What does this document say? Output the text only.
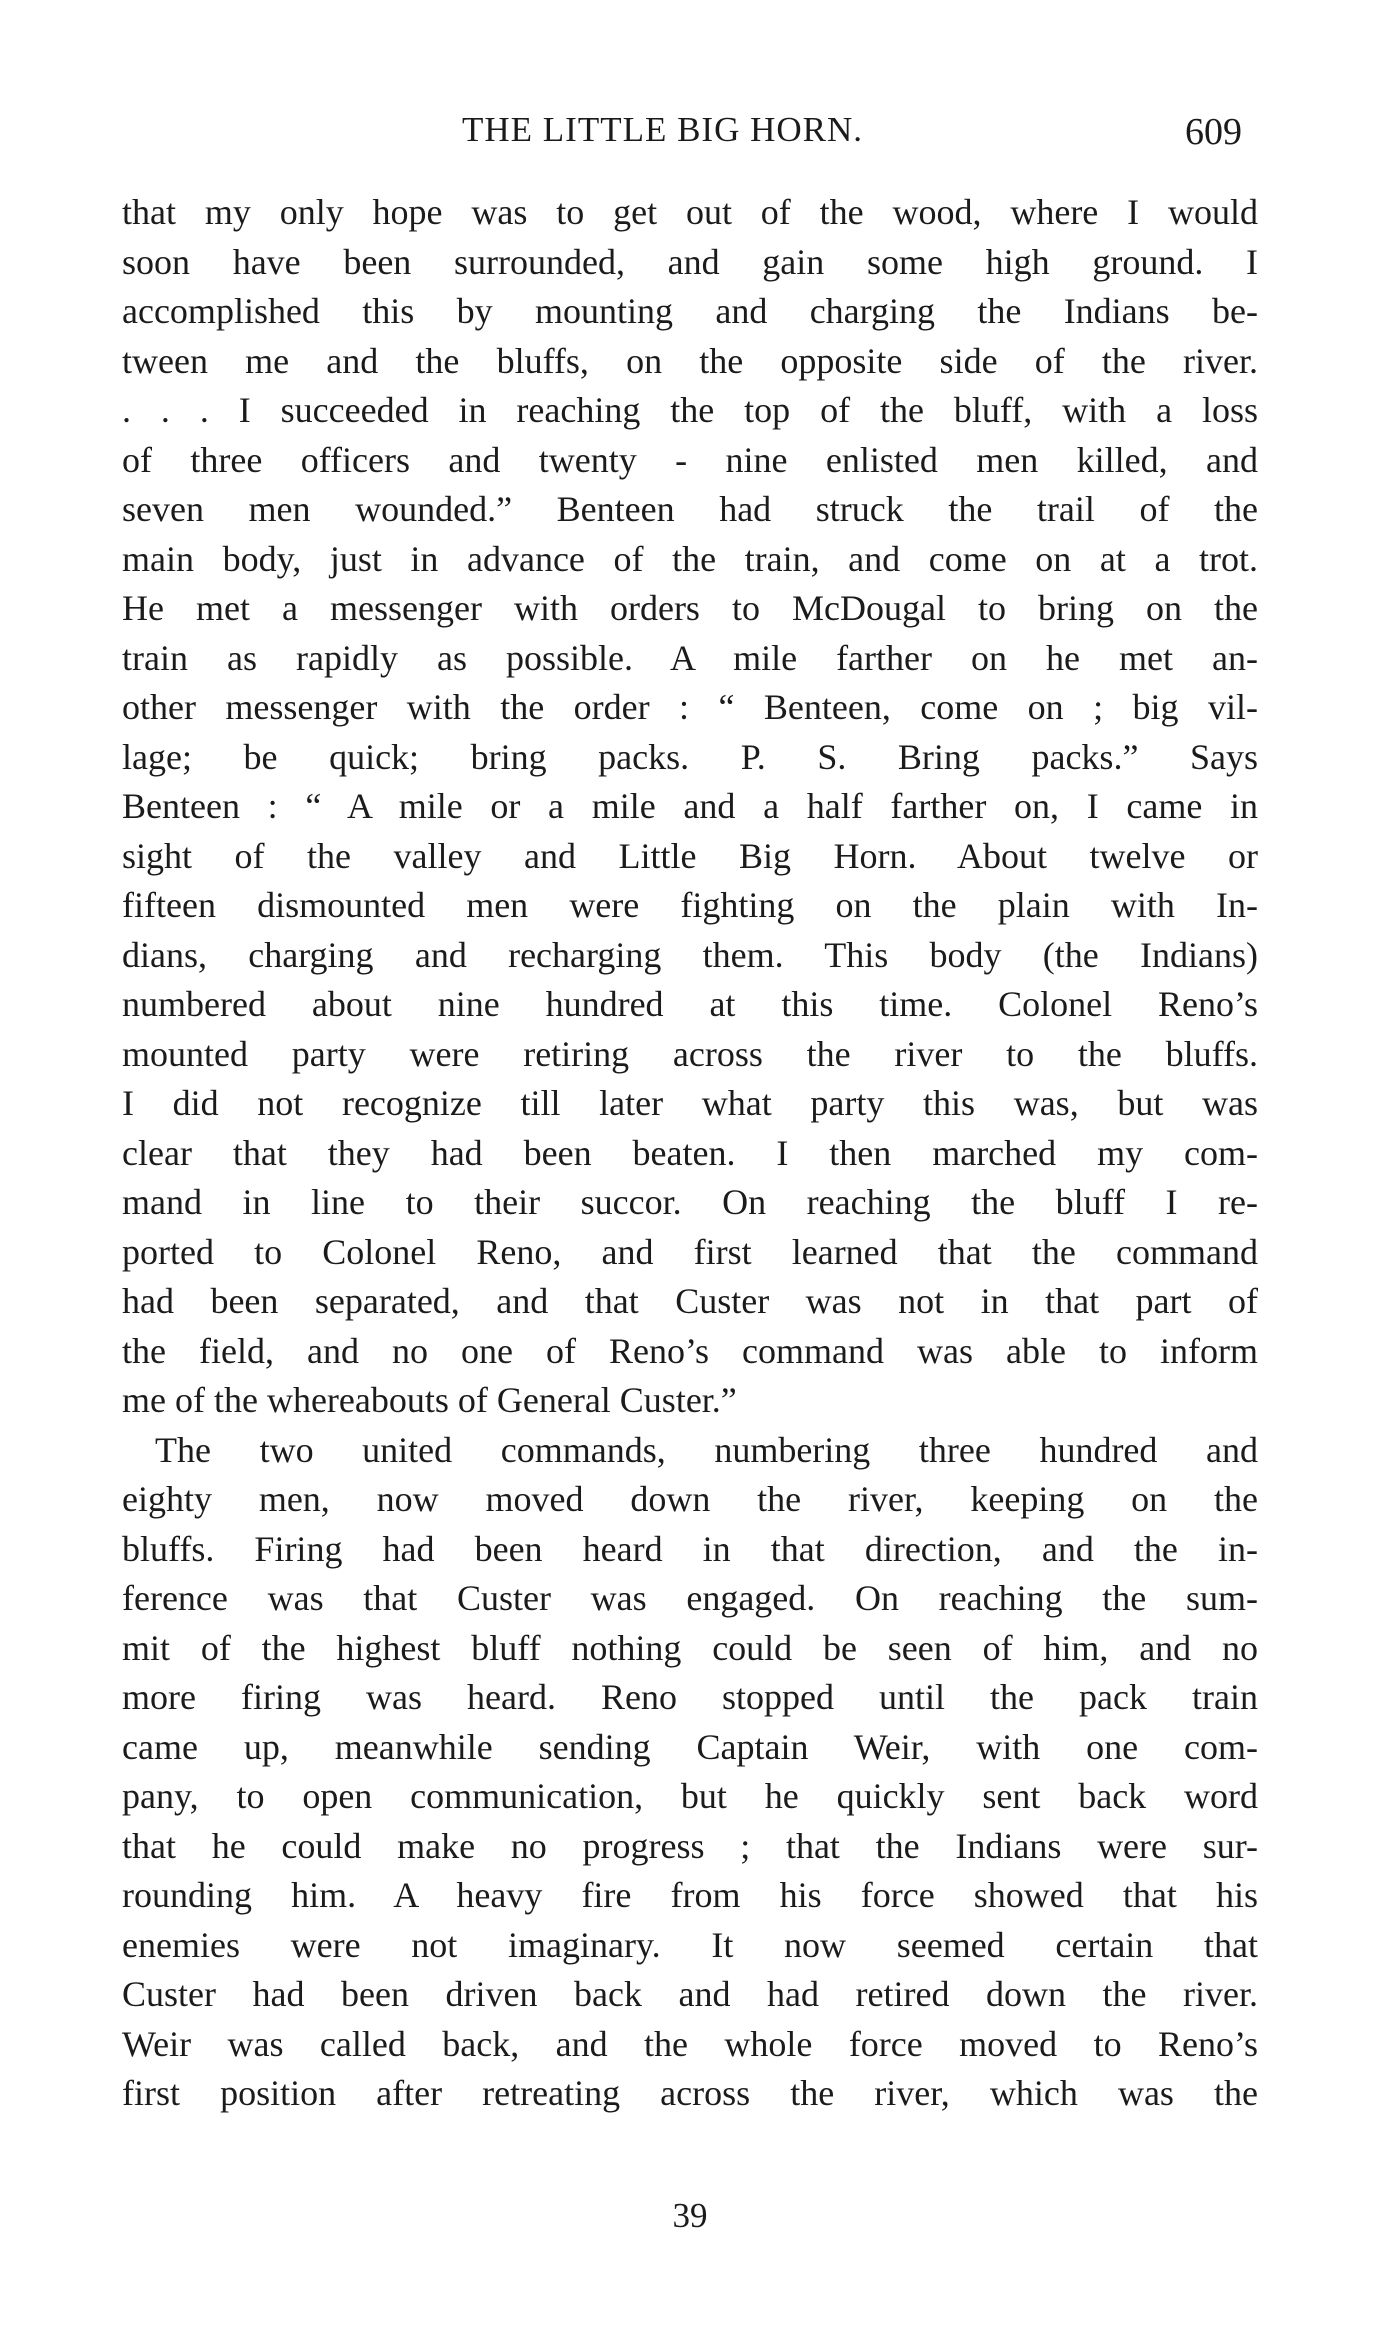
THE LITTLE BIG HORN.	609
that my only hope was to get out of the wood, where I would
soon have been surrounded, and gain some high ground. I
accomplished this by mounting and charging the Indians be-
tween me and the bluffs, on the opposite side of the river.
. . . I succeeded in reaching the top of the bluff, with a loss
of three officers and twenty - nine enlisted men killed, and
seven men wounded.” Benteen had struck the trail of the
main body, just in advance of the train, and come on at a trot.
He met a messenger with orders to McDougal to bring on the
train as rapidly as possible. A mile farther on he met an-
other messenger with the order : “ Benteen, come on ; big vil-
lage; be quick; bring packs. P. S. Bring packs.” Says
Benteen : “ A mile or a mile and a half farther on, I came in
sight of the valley and Little Big Horn. About twelve or
fifteen dismounted men were fighting on the plain with In-
dians, charging and recharging them. This body (the Indians)
numbered about nine hundred at this time. Colonel Reno’s
mounted party were retiring across the river to the bluffs.
I did not recognize till later what party this was, but was
clear that they had been beaten. I then marched my com-
mand in line to their succor. On reaching the bluff I re-
ported to Colonel Reno, and first learned that the command
had been separated, and that Custer was not in that part of
the field, and no one of Reno’s command was able to inform
me of the whereabouts of General Custer.”
The two united commands, numbering three hundred and
eighty men, now moved down the river, keeping on the
bluffs. Firing had been heard in that direction, and the in-
ference was that Custer was engaged. On reaching the sum-
mit of the highest bluff nothing could be seen of him, and no
more firing was heard. Reno stopped until the pack train
came up, meanwhile sending Captain Weir, with one com-
pany, to open communication, but he quickly sent back word
that he could make no progress ; that the Indians were sur-
rounding him. A heavy fire from his force showed that his
enemies were not imaginary. It now seemed certain that
Custer had been driven back and had retired down the river.
Weir was called back, and the whole force moved to Reno’s
first position after retreating across the river, which was the
39
